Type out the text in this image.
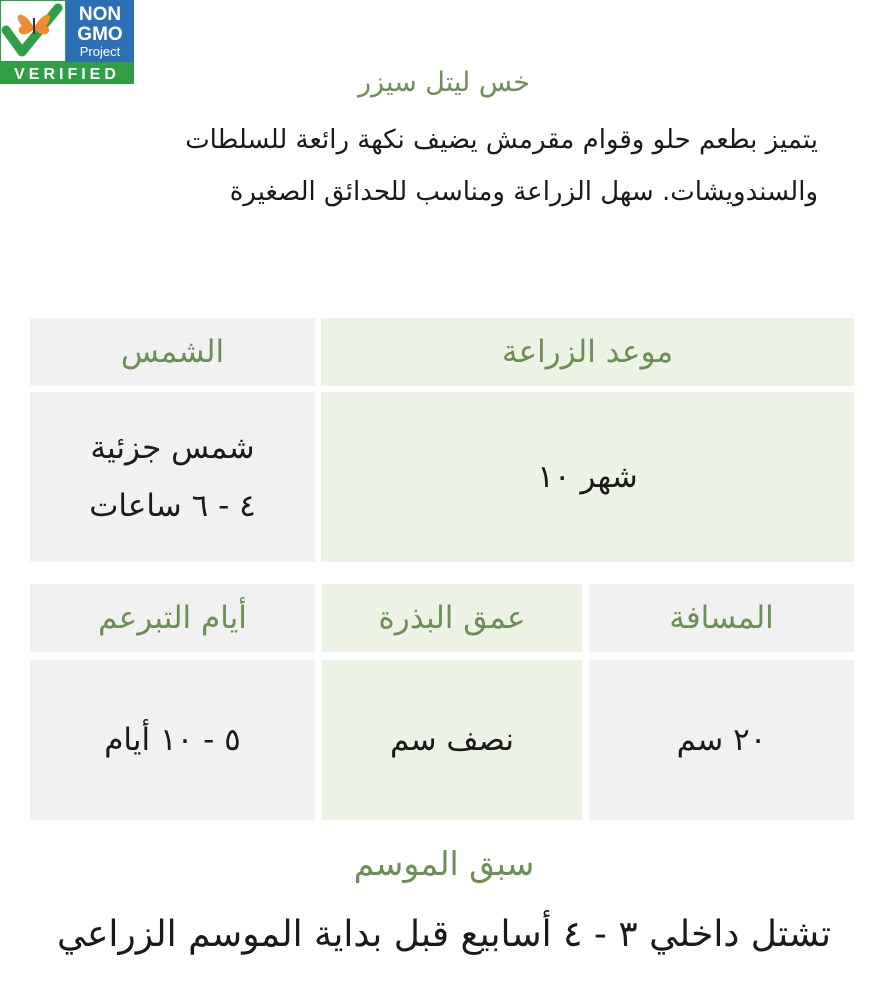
NON
GMO
Project
VERIFIED	خس ليتل سيزر

يتميز بطعم حلو وقوام مقرمش يضيف نكهة رائعة للسلطات

والسندويشات. سهل الزراعة ومناسب للحدائق الصغيرة

موعد الزراعة
الشمس
شهر ١٠
شمس جزئية
٤ - ٦ ساعات
المسافة
عمق البذرة
أيام التبرعم
٢٠ سم
نصف سم
٥ - ١٠ أيام
سبق الموسم
تشتل داخلي ٣ - ٤ أسابيع قبل بداية الموسم الزراعي
